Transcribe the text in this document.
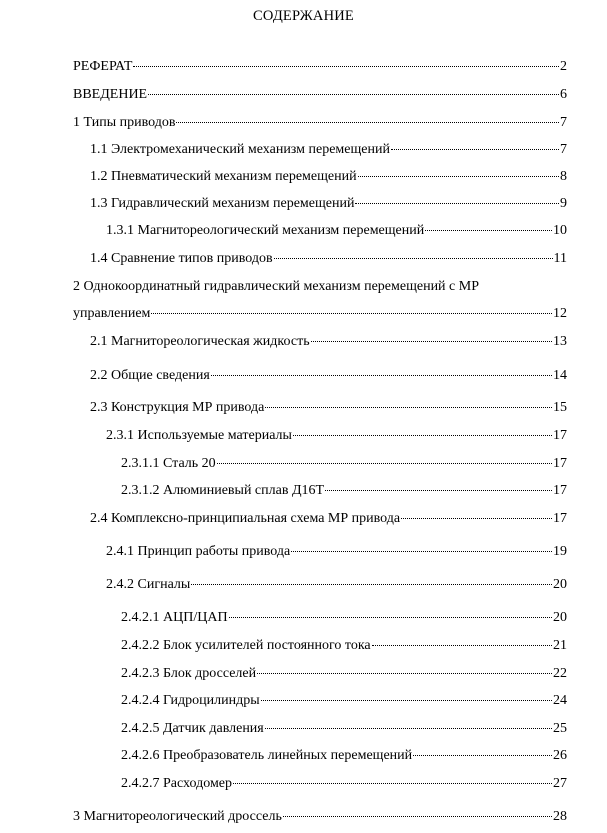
СОДЕРЖАНИЕ
РЕФЕРАТ	2
ВВЕДЕНИЕ	6
1 Типы приводов	7
1.1 Электромеханический механизм перемещений	7
1.2 Пневматический механизм перемещений	8
1.3 Гидравлический механизм перемещений	9
1.3.1 Магнитореологический механизм перемещений	10
1.4 Сравнение типов приводов	11
2 Однокоординатный гидравлический механизм перемещений с МР
управлением	12
2.1 Магнитореологическая жидкость	13
2.2 Общие сведения	14
2.3 Конструкция МР привода	15
2.3.1 Используемые материалы	17
2.3.1.1 Сталь 20	17
2.3.1.2 Алюминиевый сплав Д16Т	17
2.4 Комплексно-принципиальная схема МР привода	17
2.4.1 Принцип работы привода	19
2.4.2 Сигналы	20
2.4.2.1 АЦП/ЦАП	20
2.4.2.2 Блок усилителей постоянного тока	21
2.4.2.3 Блок дросселей	22
2.4.2.4 Гидроцилиндры	24
2.4.2.5 Датчик давления	25
2.4.2.6 Преобразователь линейных перемещений	26
2.4.2.7 Расходомер	27
3 Магнитореологический дроссель	28
